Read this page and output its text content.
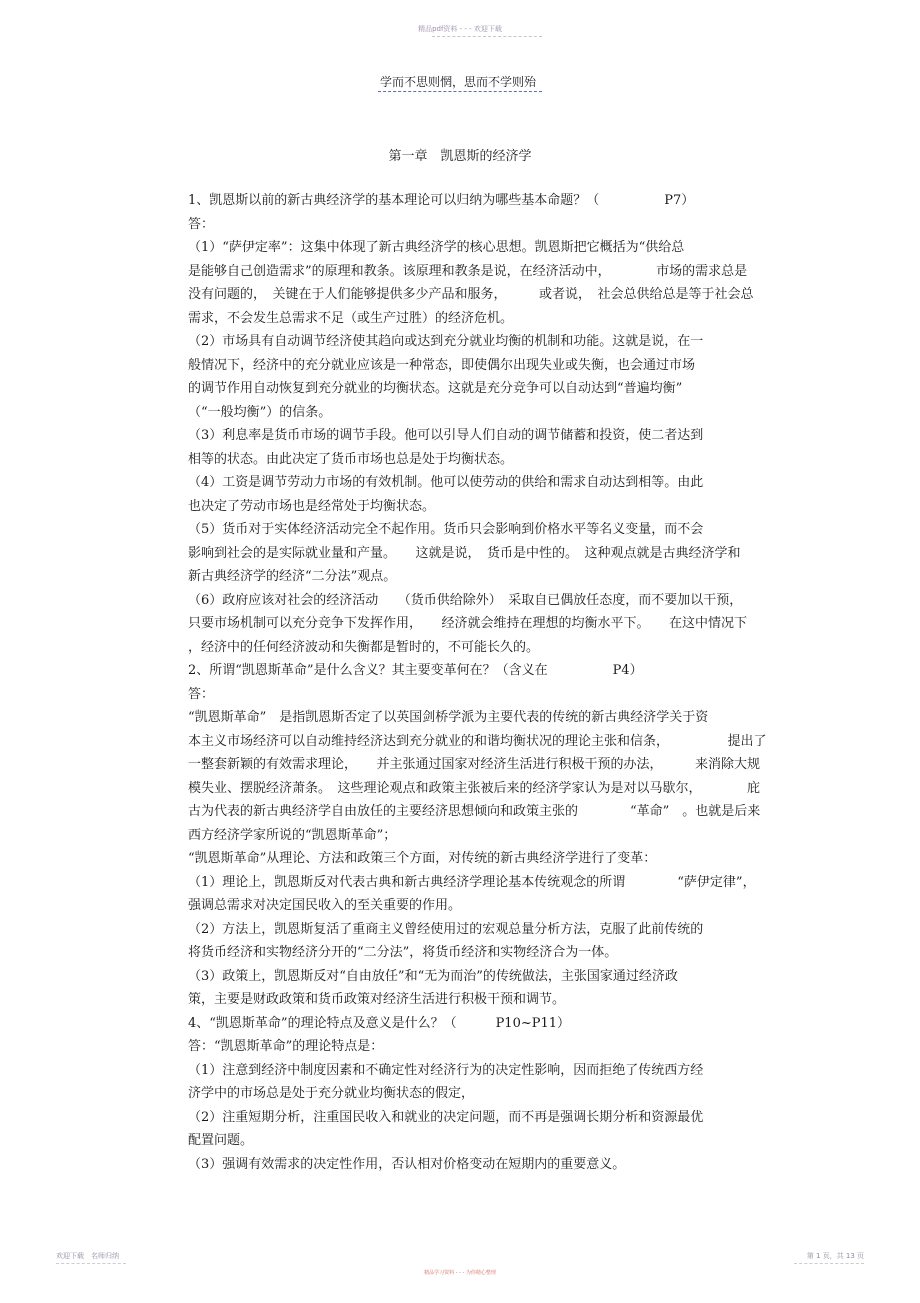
精品pdf资料 - - - 欢迎下载
学而不思则惘，思而不学则殆
第一章　凯恩斯的经济学
1、凯恩斯以前的新古典经济学的基本理论可以归纳为哪些基本命题？（　　　　　P7）
答：
（1）“萨伊定率”：这集中体现了新古典经济学的核心思想。凯恩斯把它概括为“供给总
是能够自己创造需求”的原理和教条。该原理和教条是说，在经济活动中，　　　　市场的需求总是
没有问题的，　关键在于人们能够提供多少产品和服务，　　　或者说，　社会总供给总是等于社会总
需求，不会发生总需求不足（或生产过胜）的经济危机。
（2）市场具有自动调节经济使其趋向或达到充分就业均衡的机制和功能。这就是说，在一
般情况下，经济中的充分就业应该是一种常态，即使偶尔出现失业或失衡，也会通过市场
的调节作用自动恢复到充分就业的均衡状态。这就是充分竞争可以自动达到“普遍均衡”
（“一般均衡”）的信条。
（3）利息率是货币市场的调节手段。他可以引导人们自动的调节储蓄和投资，使二者达到
相等的状态。由此决定了货币市场也总是处于均衡状态。
（4）工资是调节劳动力市场的有效机制。他可以使劳动的供给和需求自动达到相等。由此
也决定了劳动市场也是经常处于均衡状态。
（5）货币对于实体经济活动完全不起作用。货币只会影响到价格水平等名义变量，而不会
影响到社会的是实际就业量和产量。　　这就是说，　货币是中性的。　这种观点就是古典经济学和
新古典经济学的经济“二分法”观点。
（6）政府应该对社会的经济活动　　（货币供给除外）　采取自已偶放任态度，而不要加以干预，
只要市场机制可以充分竞争下发挥作用，　　经济就会维持在理想的均衡水平下。　　在这中情况下
，经济中的任何经济波动和失衡都是暂时的，不可能长久的。
2、所谓“凯恩斯革命”是什么含义？其主要变革何在？（含义在　　　　　P4）
答：
“凯恩斯革命”　是指凯恩斯否定了以英国剑桥学派为主要代表的传统的新古典经济学关于资
本主义市场经济可以自动维持经济达到充分就业的和谐均衡状况的理论主张和信条，　　　　　提出了
一整套新颖的有效需求理论，　　并主张通过国家对经济生活进行积极干预的办法，　　　来消除大规
模失业、摆脱经济萧条。　这些理论观点和政策主张被后来的经济学家认为是对以马歇尔，　　　　庇
古为代表的新古典经济学自由放任的主要经济思想倾向和政策主张的　　　　“革命”　。也就是后来
西方经济学家所说的“凯恩斯革命”；
“凯恩斯革命”从理论、方法和政策三个方面，对传统的新古典经济学进行了变革：
（1）理论上，凯恩斯反对代表古典和新古典经济学理论基本传统观念的所谓　　　　“萨伊定律”，
强调总需求对决定国民收入的至关重要的作用。
（2）方法上，凯恩斯复活了重商主义曾经使用过的宏观总量分析方法，克服了此前传统的
将货币经济和实物经济分开的“二分法”，将货币经济和实物经济合为一体。
（3）政策上，凯恩斯反对“自由放任”和“无为而治”的传统做法，主张国家通过经济政
策，主要是财政政策和货币政策对经济生活进行积极干预和调节。
4、“凯恩斯革命”的理论特点及意义是什么？（　　　P10~P11）
答：“凯恩斯革命”的理论特点是：
（1）注意到经济中制度因素和不确定性对经济行为的决定性影响，因而拒绝了传统西方经
济学中的市场总是处于充分就业均衡状态的假定，
（2）注重短期分析，注重国民收入和就业的决定问题，而不再是强调长期分析和资源最优
配置问题。
（3）强调有效需求的决定性作用，否认相对价格变动在短期内的重要意义。
欢迎下载　名师归纳	第 1 页，共 13 页
精品学习资料 - - - 为你精心整理
